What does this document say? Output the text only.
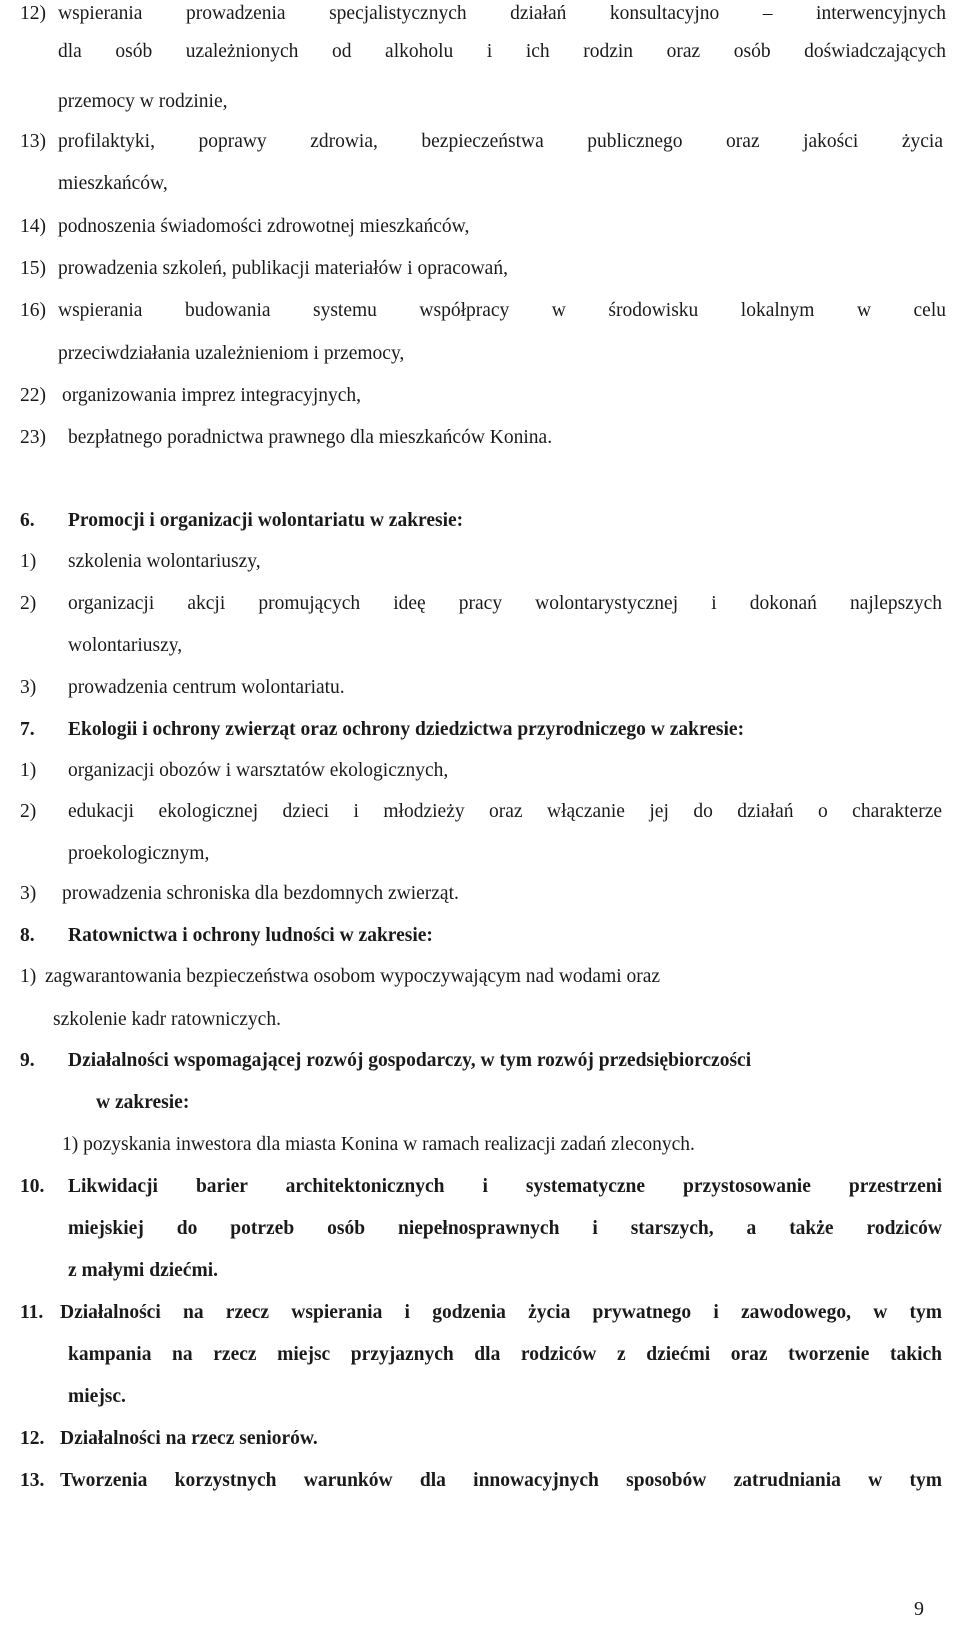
12) wspierania prowadzenia specjalistycznych działań konsultacyjno – interwencyjnych
dla osób uzależnionych od alkoholu i ich rodzin oraz osób doświadczających
przemocy w rodzinie,
13) profilaktyki, poprawy zdrowia, bezpieczeństwa publicznego oraz jakości życia
mieszkańców,
14) podnoszenia świadomości zdrowotnej mieszkańców,
15) prowadzenia szkoleń, publikacji materiałów i opracowań,
16) wspierania budowania systemu współpracy w środowisku lokalnym w celu
przeciwdziałania uzależnieniom i przemocy,
22) organizowania imprez integracyjnych,
23) bezpłatnego poradnictwa prawnego dla mieszkańców Konina.
6. Promocji i organizacji wolontariatu w zakresie:
1) szkolenia wolontariuszy,
2) organizacji akcji promujących ideę pracy wolontarystycznej i dokonań najlepszych
wolontariuszy,
3) prowadzenia centrum wolontariatu.
7. Ekologii i ochrony zwierząt oraz ochrony dziedzictwa przyrodniczego w zakresie:
1) organizacji obozów i warsztatów ekologicznych,
2) edukacji ekologicznej dzieci i młodzieży oraz włączanie jej do działań o charakterze
proekologicznym,
3) prowadzenia schroniska dla bezdomnych zwierząt.
8. Ratownictwa i ochrony ludności w zakresie:
1) zagwarantowania bezpieczeństwa osobom wypoczywającym nad wodami oraz
szkolenie kadr ratowniczych.
9. Działalności wspomagającej rozwój gospodarczy, w tym rozwój przedsiębiorczości
w zakresie:
1) pozyskania inwestora dla miasta Konina w ramach realizacji zadań zleconych.
10. Likwidacji barier architektonicznych i systematyczne przystosowanie przestrzeni
miejskiej do potrzeb osób niepełnosprawnych i starszych, a także rodziców
z małymi dziećmi.
11. Działalności na rzecz wspierania i godzenia życia prywatnego i zawodowego, w tym
kampania na rzecz miejsc przyjaznych dla rodziców z dziećmi oraz tworzenie takich
miejsc.
12. Działalności na rzecz seniorów.
13. Tworzenia korzystnych warunków dla innowacyjnych sposobów zatrudniania w tym
9
